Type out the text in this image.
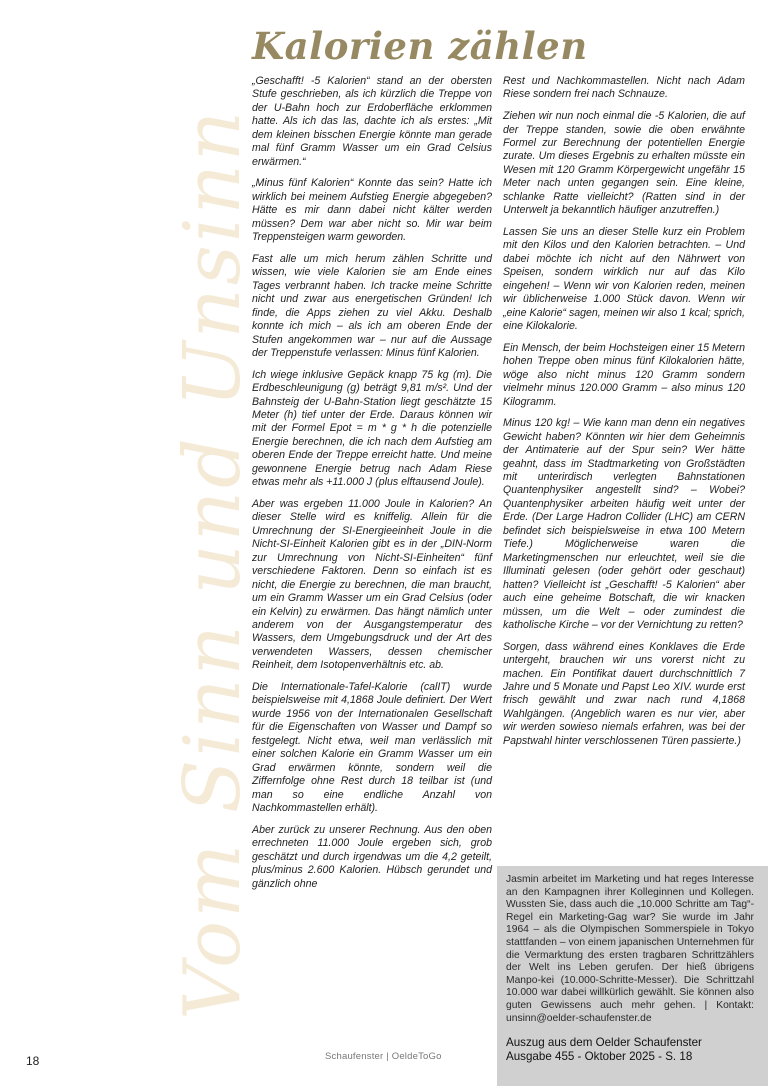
Vom Sinn und Unsinn
Kalorien zählen

„Geschafft! -5 Kalorien“ stand an der obersten Stufe geschrieben, als ich kürzlich die Treppe von der U-Bahn hoch zur Erdoberfläche erklommen hatte. Als ich das las, dachte ich als erstes: „Mit dem kleinen bisschen Energie könnte man gerade mal fünf Gramm Wasser um ein Grad Celsius erwärmen.“

„Minus fünf Kalorien“ Konnte das sein? Hatte ich wirklich bei meinem Aufstieg Energie abgegeben? Hätte es mir dann dabei nicht kälter werden müssen? Dem war aber nicht so. Mir war beim Treppensteigen warm geworden.

Fast alle um mich herum zählen Schritte und wissen, wie viele Kalorien sie am Ende eines Tages verbrannt haben. Ich tracke meine Schritte nicht und zwar aus energetischen Gründen! Ich finde, die Apps ziehen zu viel Akku. Deshalb konnte ich mich – als ich am oberen Ende der Stufen angekommen war – nur auf die Aussage der Treppenstufe verlassen: Minus fünf Kalorien.

Ich wiege inklusive Gepäck knapp 75 kg (m). Die Erdbeschleunigung (g) beträgt 9,81 m/s². Und der Bahnsteig der U-Bahn-Station liegt geschätzte 15 Meter (h) tief unter der Erde. Daraus können wir mit der Formel Epot = m * g * h die potenzielle Energie berechnen, die ich nach dem Aufstieg am oberen Ende der Treppe erreicht hatte. Und meine gewonnene Energie betrug nach Adam Riese etwas mehr als +11.000 J (plus elftausend Joule).

Aber was ergeben 11.000 Joule in Kalorien? An dieser Stelle wird es kniffelig. Allein für die Umrechnung der SI-Energieeinheit Joule in die Nicht-SI-Einheit Kalorien gibt es in der „DIN-Norm zur Umrechnung von Nicht-SI-Einheiten“ fünf verschiedene Faktoren. Denn so einfach ist es nicht, die Energie zu berechnen, die man braucht, um ein Gramm Wasser um ein Grad Celsius (oder ein Kelvin) zu erwärmen. Das hängt nämlich unter anderem von der Ausgangstemperatur des Wassers, dem Umgebungsdruck und der Art des verwendeten Wassers, dessen chemischer Reinheit, dem Isotopenverhältnis etc. ab.

Die Internationale-Tafel-Kalorie (calIT) wurde beispielsweise mit 4,1868 Joule definiert. Der Wert wurde 1956 von der Internationalen Gesellschaft für die Eigenschaften von Wasser und Dampf so festgelegt. Nicht etwa, weil man verlässlich mit einer solchen Kalorie ein Gramm Wasser um ein Grad erwärmen könnte, sondern weil die Ziffernfolge ohne Rest durch 18 teilbar ist (und man so eine endliche Anzahl von Nachkommastellen erhält).

Aber zurück zu unserer Rechnung. Aus den oben errechneten 11.000 Joule ergeben sich, grob geschätzt und durch irgendwas um die 4,2 geteilt, plus/minus 2.600 Kalorien. Hübsch gerundet und gänzlich ohne

Rest und Nachkommastellen. Nicht nach Adam Riese sondern frei nach Schnauze.

Ziehen wir nun noch einmal die -5 Kalorien, die auf der Treppe standen, sowie die oben erwähnte Formel zur Berechnung der potentiellen Energie zurate. Um dieses Ergebnis zu erhalten müsste ein Wesen mit 120 Gramm Körpergewicht ungefähr 15 Meter nach unten gegangen sein. Eine kleine, schlanke Ratte vielleicht? (Ratten sind in der Unterwelt ja bekanntlich häufiger anzutreffen.)

Lassen Sie uns an dieser Stelle kurz ein Problem mit den Kilos und den Kalorien betrachten. – Und dabei möchte ich nicht auf den Nährwert von Speisen, sondern wirklich nur auf das Kilo eingehen! – Wenn wir von Kalorien reden, meinen wir üblicherweise 1.000 Stück davon. Wenn wir „eine Kalorie“ sagen, meinen wir also 1 kcal; sprich, eine Kilokalorie.

Ein Mensch, der beim Hochsteigen einer 15 Metern hohen Treppe oben minus fünf Kilokalorien hätte, wöge also nicht minus 120 Gramm sondern vielmehr minus 120.000 Gramm – also minus 120 Kilogramm.

Minus 120 kg! – Wie kann man denn ein negatives Gewicht haben? Könnten wir hier dem Geheimnis der Antimaterie auf der Spur sein? Wer hätte geahnt, dass im Stadtmarketing von Großstädten mit unterirdisch verlegten Bahnstationen Quantenphysiker angestellt sind? – Wobei? Quantenphysiker arbeiten häufig weit unter der Erde. (Der Large Hadron Collider (LHC) am CERN befindet sich beispielsweise in etwa 100 Metern Tiefe.) Möglicherweise waren die Marketingmenschen nur erleuchtet, weil sie die Illuminati gelesen (oder gehört oder geschaut) hatten? Vielleicht ist „Geschafft! -5 Kalorien“ aber auch eine geheime Botschaft, die wir knacken müssen, um die Welt – oder zumindest die katholische Kirche – vor der Vernichtung zu retten?

Sorgen, dass während eines Konklaves die Erde untergeht, brauchen wir uns vorerst nicht zu machen. Ein Pontifikat dauert durchschnittlich 7 Jahre und 5 Monate und Papst Leo XIV. wurde erst frisch gewählt und zwar nach rund 4,1868 Wahlgängen. (Angeblich waren es nur vier, aber wir werden sowieso niemals erfahren, was bei der Papstwahl hinter verschlossenen Türen passierte.)

Jasmin arbeitet im Marketing und hat reges Interesse an den Kampagnen ihrer Kolleginnen und Kollegen. Wussten Sie, dass auch die „10.000 Schritte am Tag“-Regel ein Marketing-Gag war? Sie wurde im Jahr 1964 – als die Olympischen Sommerspiele in Tokyo stattfanden – von einem japanischen Unternehmen für die Vermarktung des ersten tragbaren Schrittzählers der Welt ins Leben gerufen. Der hieß übrigens Manpo-kei (10.000-Schritte-Messer). Die Schrittzahl 10.000 war dabei willkürlich gewählt. Sie können also guten Gewissens auch mehr gehen. | Kontakt: unsinn@oelder-schaufenster.de

Auszug aus dem Oelder Schaufenster
Ausgabe 455 - Oktober 2025 - S. 18
18	Schaufenster | OeldeToGo
